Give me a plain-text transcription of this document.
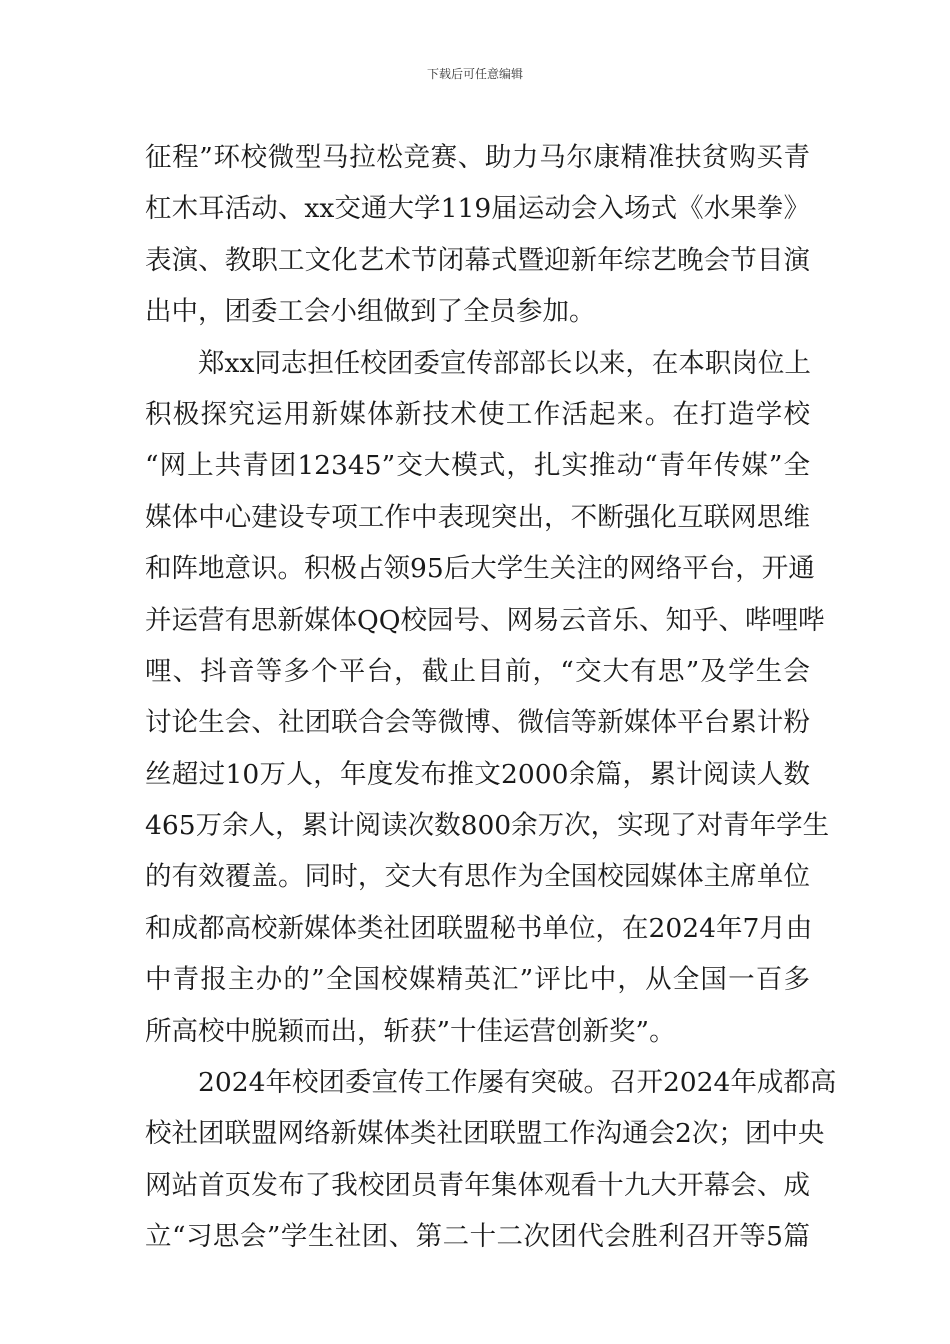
下载后可任意编辑
征程”环校微型马拉松竞赛、助力马尔康精准扶贫购买青
杠木耳活动、xx交通大学119届运动会入场式《水果拳》
表演、教职工文化艺术节闭幕式暨迎新年综艺晚会节目演
出中，团委工会小组做到了全员参加。
郑xx同志担任校团委宣传部部长以来，在本职岗位上
积极探究运用新媒体新技术使工作活起来。在打造学校
“网上共青团12345”交大模式，扎实推动“青年传媒”全
媒体中心建设专项工作中表现突出，不断强化互联网思维
和阵地意识。积极占领95后大学生关注的网络平台，开通
并运营有思新媒体QQ校园号、网易云音乐、知乎、哔哩哔
哩、抖音等多个平台，截止目前，“交大有思”及学生会
讨论生会、社团联合会等微博、微信等新媒体平台累计粉
丝超过10万人，年度发布推文2000余篇，累计阅读人数
465万余人，累计阅读次数800余万次，实现了对青年学生
的有效覆盖。同时，交大有思作为全国校园媒体主席单位
和成都高校新媒体类社团联盟秘书单位，在2024年7月由
中青报主办的”全国校媒精英汇”评比中，从全国一百多
所高校中脱颖而出，斩获”十佳运营创新奖”。
2024年校团委宣传工作屡有突破。召开2024年成都高
校社团联盟网络新媒体类社团联盟工作沟通会2次；团中央
网站首页发布了我校团员青年集体观看十九大开幕会、成
立“习思会”学生社团、第二十二次团代会胜利召开等5篇
